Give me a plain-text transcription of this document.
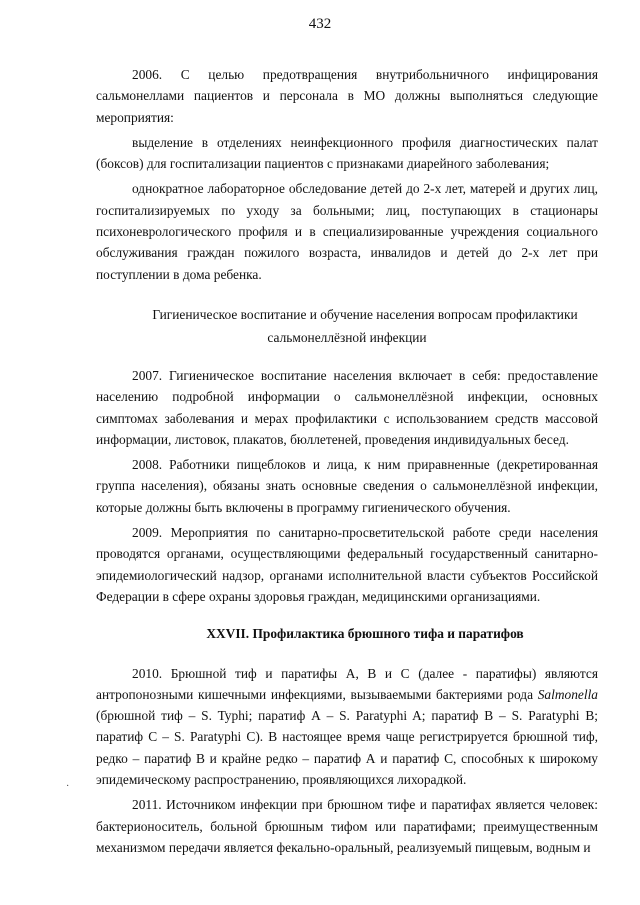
432

2006. С целью предотвращения внутрибольничного инфицирования сальмонеллами пациентов и персонала в МО должны выполняться следующие мероприятия:

выделение в отделениях неинфекционного профиля диагностических палат (боксов) для госпитализации пациентов с признаками диарейного заболевания;

однократное лабораторное обследование детей до 2-х лет, матерей и других лиц, госпитализируемых по уходу за больными; лиц, поступающих в стационары психоневрологического профиля и в специализированные учреждения социального обслуживания граждан пожилого возраста, инвалидов и детей до 2-х лет при поступлении в дома ребенка.

Гигиеническое воспитание и обучение населения вопросам профилактики сальмонеллёзной инфекции

2007. Гигиеническое воспитание населения включает в себя: предоставление населению подробной информации о сальмонеллёзной инфекции, основных симптомах заболевания и мерах профилактики с использованием средств массовой информации, листовок, плакатов, бюллетеней, проведения индивидуальных бесед.

2008. Работники пищеблоков и лица, к ним приравненные (декретированная группа населения), обязаны знать основные сведения о сальмонеллёзной инфекции, которые должны быть включены в программу гигиенического обучения.

2009. Мероприятия по санитарно-просветительской работе среди населения проводятся органами, осуществляющими федеральный государственный санитарно-эпидемиологический надзор, органами исполнительной власти субъектов Российской Федерации в сфере охраны здоровья граждан, медицинскими организациями.

XXVII. Профилактика брюшного тифа и паратифов

2010. Брюшной тиф и паратифы А, В и С (далее - паратифы) являются антропонозными кишечными инфекциями, вызываемыми бактериями рода Salmonella (брюшной тиф – S. Typhi; паратиф А – S. Paratyphi A; паратиф В – S. Paratyphi B; паратиф С – S. Paratyphi C). В настоящее время чаще регистрируется брюшной тиф, редко – паратиф В и крайне редко – паратиф А и паратиф С, способных к широкому эпидемическому распространению, проявляющихся лихорадкой.

2011. Источником инфекции при брюшном тифе и паратифах является человек: бактерионоситель, больной брюшным тифом или паратифами; преимущественным механизмом передачи является фекально-оральный, реализуемый пищевым, водным и

·
